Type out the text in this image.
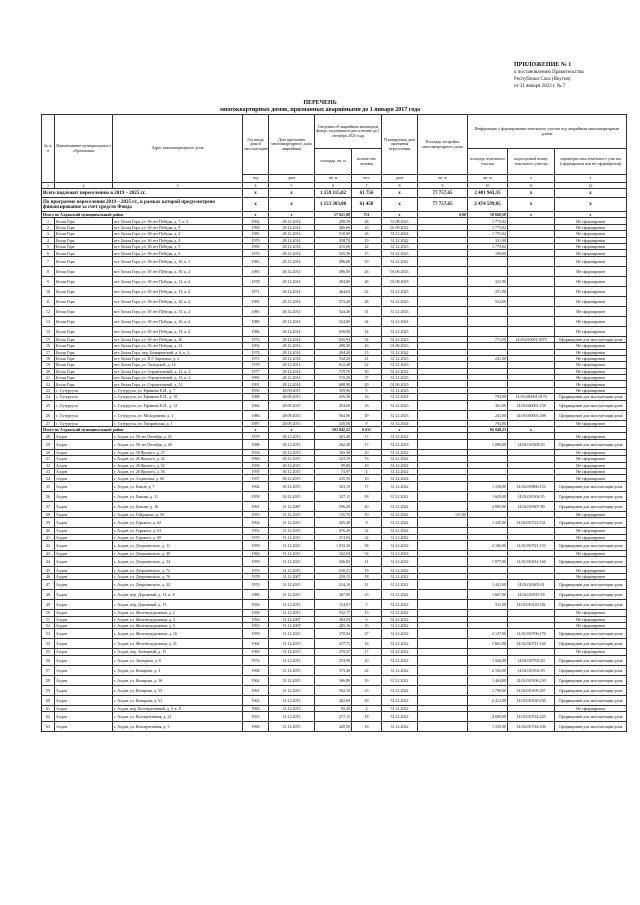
ПРИЛОЖЕНИЕ № 1
к постановлению Правительства
Республики Саха (Якутия)
от 31 января 2023 г. № 7
ПЕРЕЧЕНЬ
многоквартирных домов, признанных аварийными до 1 января 2017 года
№ п/п	Наименование муниципального образования	Адрес многоквартирного дома	Год ввода дома в эксплуатацию	Дата признания многоквартирного дома аварийным	Сведения об аварийном жилищном фонде, подлежащем расселению до 1 сентября 2025 года		Планируемая дата окончания переселения	Площадь застройки многоквартирного дома	Информация о формировании земельного участка под аварийным многоквартирным домом		
					площадь, кв. м	количество человек			площадь земельного участка	кадастровый номер земельного участка	характеристика земельного участка (сформирован или не сформирован)
			год	дата	кв. м	чел.	дата	кв. м	кв. м	х	х
1	2	3	4	5	6	7	8	9	10	11	12
Всего подлежит переселению в 2019 – 2025 гг.			х	х	1 159 115,02	61 756	х	77 757,65	2 401 943,35	х	х
По программе переселения 2019 – 2025 гг., в рамках которой предусмотрено финансирование за счет средств Фонда			х	х	1 153 303,00	61 458	х	77 757,65	2 474 599,05	х	х
Итого по Алданский муниципальный район			х	х	17 621,88	751	х	0,00	10 668,58	х	х
1	Белая Гора	пгт. Белая Гора, ул. 30 лет Победы, д. 7, к. 2	1992	28.12.2014	498,30	38	31.08.2023		1 775,02		Не сформирован
2	Белая Гора	пгт. Белая Гора, ул. 30 лет Победы, д. 9	1990	28.12.2014	466,60	16	01.09.2022		1 775,02		Не сформирован
3	Белая Гора	пгт. Белая Гора, ул. 30 лет Победы, д. 2	1985	28.12.2014	510,90	26	31.12.2024		1 755,02		Не сформирован
4	Белая Гора	пгт. Белая Гора, ул. 30 лет Победы, д. 4	1979	28.12.2014	458,70	19	31.12.2022		331,90		Не сформирован
5	Белая Гора	пгт. Белая Гора, ул. 30 лет Победы, д. 5	1990	28.12.2014	415,00	22	31.12.2023		1 775,02		Не сформирован
6	Белая Гора	пгт. Белая Гора, ул. 30 лет Победы, д. 6	1976	28.12.2014	325,30	15	31.12.2023		100,00		Не сформирован
7	Белая Гора	пгт. Белая Гора, ул. 30 лет Победы, д. 10, к. 1	1983	28.12.2014	496,00	19	31.12.2022				Не сформирован
8	Белая Гора	пгт. Белая Гора, ул. 30 лет Победы, д. 10, к. 2	1983	28.12.2014	496,00	26	01.06.2023				Не сформирован
9	Белая Гора	пгт. Белая Гора, ул. 30 лет Победы, д. 12, к. 2	1978	28.12.2014	494,00	28	01.08.2023		331,90		Не сформирован
10	Белая Гора	пгт. Белая Гора, ул. 30 лет Победы, д. 13, к. 2	1971	28.12.2014	464,63	22	31.12.2023		331,90		Не сформирован
11	Белая Гора	пгт. Белая Гора, ул. 30 лет Победы, д. 16, к. 2	1981	28.12.2014	573,20	28	31.12.2023		552,60		Не сформирован
12	Белая Гора	пгт. Белая Гора, ул. 30 лет Победы, д. 15, к. 2	1985	28.12.2014	524,40	31	31.12.2023				Не сформирован
13	Белая Гора	пгт. Белая Гора, ул. 30 лет Победы, д. 16, к. 2	1986	28.12.2014	524,00	34	31.12.2024				Не сформирован
14	Белая Гора	пгт. Белая Гора, ул. 30 лет Победы, д. 19, к. 2	1986	28.12.2014	658,00	14	31.12.2023				Не сформирован
15	Белая Гора	пгт. Белая Гора, ул. 30 лет Победы, д. 20	1974	28.12.2014	845,94	54	31.12.2023		771,50	14:03:010001:0078	Сформирован для эксплуатации дома
16	Белая Гора	пгт. Белая Гора, ул. 30 лет Победы, д. 21	1992	28.12.2014	498,30	16	01.06.2023				Не сформирован
17	Белая Гора	пгт. Белая Гора, пер. Бочкаревский, д. 6, к. 2	1978	28.12.2014	264,20	15	31.12.2022				Не сформирован
18	Белая Гора	пгт. Белая Гора, ул. П.Г. Бархопко, д. 2	1971	28.12.2014	332,20	21	31.12.2023		241,00		Не сформирован
19	Белая Гора	пгт. Белая Гора, ул. Складской, д. 14	1978	28.12.2014	612,40	24	31.12.2023				Не сформирован
20	Белая Гора	пгт. Белая Гора, ул. Строительный, д. 12, к. 2	1977	28.12.2014	719,70	30	31.12.2022				Не сформирован
21	Белая Гора	пгт. Белая Гора, ул. Строительный, д. 13, к. 2	1983	28.12.2014	515,20	37	31.12.2023				Не сформирован
22	Белая Гора	пгт. Белая Гора, ул. Строительный, д. 51	1991	28.12.2014	688,90	49	01.06.2023				Не сформирован
23	с. Сутурууха	с. Сутурууха, ул. Ефимова Е.И., д. 7	1950	28.09.2015	359,96	5	31.12.2023				Не сформирован
24	с. Сутурууха	с. Сутурууха, ул. Ефимова Е.И., д. 10	1988	28.09.2015	456,30	16	31.12.2024		794,00	14:03:040001:0176	Сформирован для эксплуатации дома
25	с. Сутурууха	с. Сутурууха, ул. Ефимова Е.И., д. 12	1966	28.09.2015	454,60	16	31.12.2023		361,00	14:03:040001:158	Сформирован для эксплуатации дома
26	с. Сутурууха	с. Сутурууха, ул. Молодежная, д. 1	1986	28.09.2015	564,00	19	31.12.2023		241,00	14:03:040001:208	Сформирован для эксплуатации дома
27	с. Сутурууха	с. Сутурууха, ул. Гагаринская, д. 1	1987	28.09.2015	320,00	9	31.12.2024		794,00		Не сформирован
Итого по Алданский муниципальный район			х	х	101 842,52	6 631	х		66 048,23	х	
28	Алдан	г. Алдан, ул. 50 лет Октября, д. 45	1979	30.12.2015	263,40	17	31.12.2022				Не сформирован
29	Алдан	г. Алдан, ул. 50 лет Октября, д. 48	1980	30.12.2015	262,40	17	31.12.2023		1 080,00	14:02:010508:43	Сформирован для эксплуатации дома
30	Алдан	г. Алдан, ул. 50 Ярского, д. 27	1956	30.12.2015	165,30	10	31.12.2022				Не сформирован
31	Алдан	г. Алдан, ул. 26 Ярского, д. 42	1960	30.12.2015	223,10	13	31.12.2022				Не сформирован
32	Алдан	г. Алдан, ул. 26 Ярского, д. 52	1958	30.12.2015	99,80	10	31.12.2022				Не сформирован
33	Алдан	г. Алдан, ул. 26 Ярского, д. 56	1959	30.12.2015	74,97	4	31.12.2022				Не сформирован
34	Алдан	г. Алдан, ул. Алданская, д. 60	1957	30.12.2015	235,50	10	31.12.2024				Не сформирован
35	Алдан	г. Алдан, ул. Бамов, д. 7	1964	30.12.2015	323,10	17	31.12.2022		1 156,00	14:02:010806:153	Сформирован для эксплуатации дома
36	Алдан	г. Алдан, ул. Бамова, д. 11	1958	30.12.2015	327,11	18	31.12.2022		1 629,00	14:02:010504:55	Сформирован для эксплуатации дома
37	Алдан	г. Алдан, ул. Бамова, д. 16	1961	31.12.2007	596,20	20	31.12.2022		2 005,00	14:02:010607:89	Сформирован для эксплуатации дома
38	Алдан	г. Алдан, ул. Гайдамака, д. 50	1955	31.12.2015	135,70	10	31.12.2022	131,80			Не сформирован
39	Алдан	г. Алдан, ул. Горького, д. 62	1964	31.12.2015	425,40	9	31.12.2022		1 345,00	14:02:010722:131	Сформирован для эксплуатации дома
40	Алдан	г. Алдан, ул. Горького, д. 63	1952	31.12.2015	476,20	22	31.12.2022				Не сформирован
41	Алдан	г. Алдан, ул. Горького, д. 69	1970	31.12.2015	374,03	24	31.12.2022				Не сформирован
42	Алдан	г. Алдан, ул. Дзержинского, д. 11	1959	31.12.2015	1 072,30	58	31.12.2022		2 166,00	14:02:010721:153	Сформирован для эксплуатации дома
43	Алдан	г. Алдан, ул. Дзержинского, д. 48	1966	31.12.2015	322,63	33	31.12.2023				Не сформирован
44	Алдан	г. Алдан, ул. Дзержинского, д. 54	1959	31.12.2015	326,03	11	31.12.2022		1 077,00	14:02:010414:166	Сформирован для эксплуатации дома
45	Алдан	г. Алдан, ул. Дзержинского, д. 72	1974	31.12.2015	230,21	19	31.12.2022				Не сформирован
46	Алдан	г. Алдан, ул. Дзержинского, д. 76	1978	31.12.2007	258,15	18	31.12.2022				Не сформирован
47	Алдан	г. Алдан, ул. Дзержинского, д. 22	1970	31.12.2015	214,10	11	31.12.2022		1 441,00	14:02:010405:41	Сформирован для эксплуатации дома
48	Алдан	г. Алдан, пер. Дорожный, д. 13, к. А	1986	31.12.2015	367,00	23	31.12.2022		1 667,00	14:02:010919:18	Сформирован для эксплуатации дома
49	Алдан	г. Алдан, пер. Дорожный, д. 15	1956	31.12.2015	114,91	5	31.12.2022		311,00	14:02:010120:182	Сформирован для эксплуатации дома
50	Алдан	г. Алдан, ул. Железнодорожная, д. 2	1958	31.12.2015	932,77	13	31.12.2022				Не сформирован
51	Алдан	г. Алдан, ул. Железнодорожная, д. 3	1956	31.12.2007	304,03	6	31.12.2022				Не сформирован
52	Алдан	г. Алдан, ул. Железнодорожная, д. 5	1953	31.12.2007	265,16	16	31.12.2022				Не сформирован
53	Алдан	г. Алдан, ул. Железнодорожная, д. 16	1959	31.12.2015	370,04	27	31.12.2022		2 127,00	14:02:010706:176	Сформирован для эксплуатации дома
54	Алдан	г. Алдан, ул. Железнодорожная, д. 21	1964	31.12.2015	417,71	16	31.12.2022		1 661,00	14:02:010721:166	Сформирован для эксплуатации дома
55	Алдан	г. Алдан, пер. Заозерный, д. 15	1960	31.12.2015	270,37	17	31.12.2022				Не сформирован
56	Алдан	г. Алдан, ул. Заозерная, д. 8	1974	31.12.2015	374,90	20	31.12.2022		1 526,00	14:02:010703:20	Сформирован для эксплуатации дома
57	Алдан	г. Алдан, ул. Комарова, д. 3	1968	31.12.2015	373,40	24	31.12.2022		2 192,00	14:02:010102:93	Сформирован для эксплуатации дома
58	Алдан	г. Алдан, ул. Комарова, д. 16	1962	31.12.2015	366,80	19	31.12.2022		1 464,00	14:02:010106:230	Сформирован для эксплуатации дома
59	Алдан	г. Алдан, ул. Комарова, д. 55	1961	31.12.2015	562,10	23	31.12.2022		1 796,00	14:02:010109:207	Сформирован для эксплуатации дома
60	Алдан	г. Алдан, ул. Комарова, д. 61	1962	31.12.2015	402,69	29	31.12.2022		2 412,00	14:02:010130:230	Сформирован для эксплуатации дома
61	Алдан	г. Алдан, пер. Кооперативный, д. 3, к. 8	1960	31.12.2015	95,28	4	31.12.2022				Не сформирован
62	Алдан	г. Алдан, ул. Кооперативная, д. 21	1953	31.12.2015	277,11	18	31.12.2022		2 600,00	14:02:010744:243	Сформирован для эксплуатации дома
63	Алдан	г. Алдан, ул. Кооперативная, д. 3	1966	31.12.2015	420,50	16	31.12.2022		1 335,00	14:02:010744:236	Сформирован для эксплуатации дома
